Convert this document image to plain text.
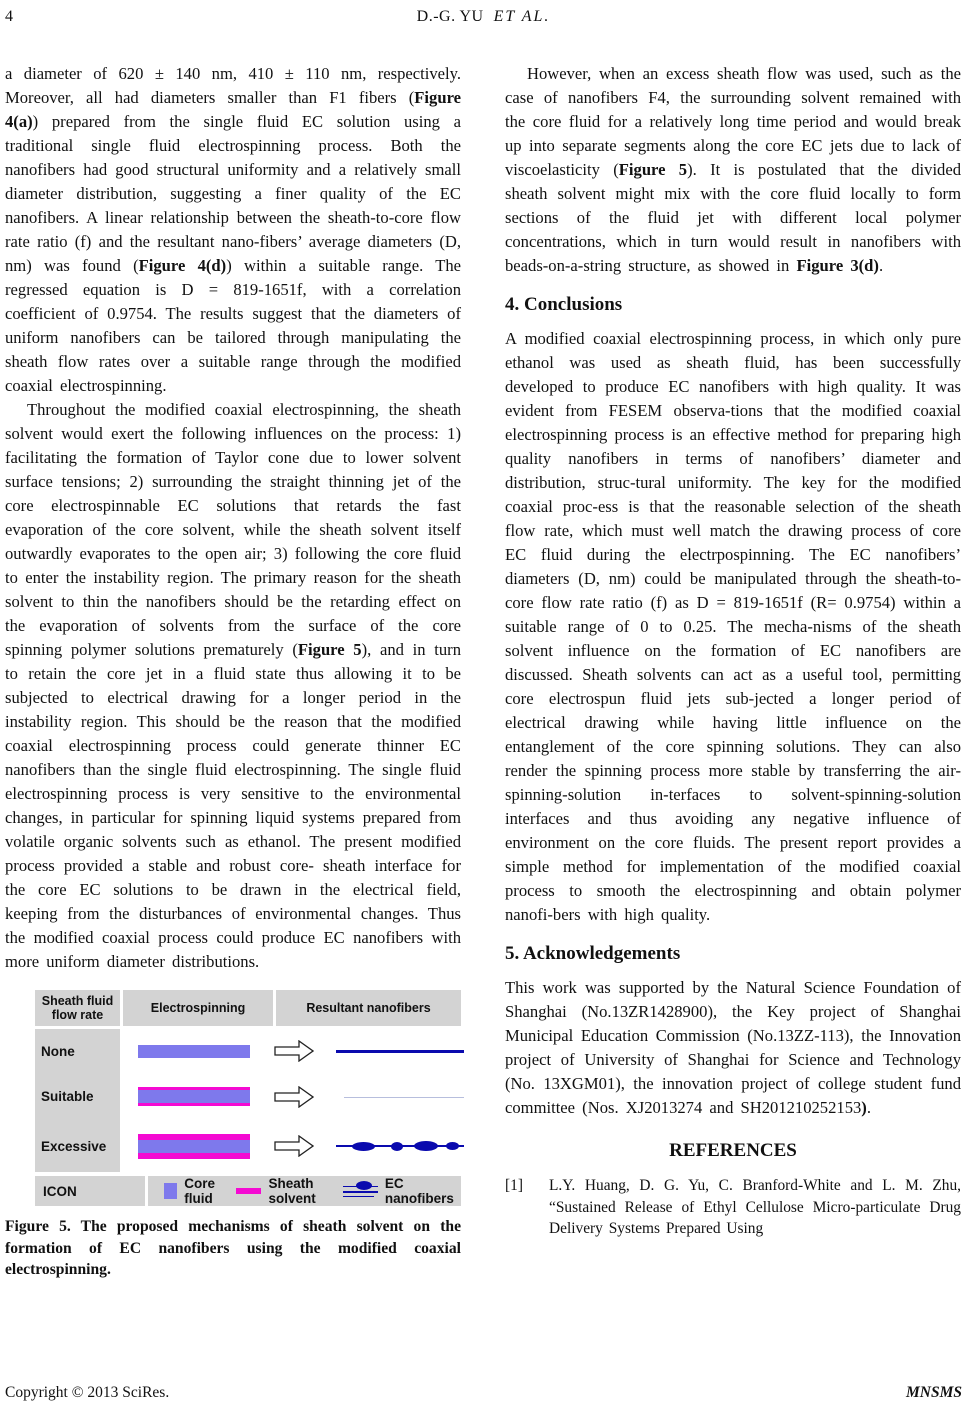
4	D.-G. YU ET AL.

a diameter of 620 ± 140 nm, 410 ± 110 nm, respectively. Moreover, all had diameters smaller than F1 fibers (Figure 4(a)) prepared from the single fluid EC solution using a traditional single fluid electrospinning process. Both the nanofibers had good structural uniformity and a relatively small diameter distribution, suggesting a finer quality of the EC nanofibers. A linear relationship between the sheath-to-core flow rate ratio (f) and the resultant nano-fibers’ average diameters (D, nm) was found (Figure 4(d)) within a suitable range. The regressed equation is D = 819-1651f, with a correlation coefficient of 0.9754. The results suggest that the diameters of uniform nanofibers can be tailored through manipulating the sheath flow rates over a suitable range through the modified coaxial electrospinning.

Throughout the modified coaxial electrospinning, the sheath solvent would exert the following influences on the process: 1) facilitating the formation of Taylor cone due to lower solvent surface tensions; 2) surrounding the straight thinning jet of the core electrospinnable EC solutions that retards the fast evaporation of the core solvent, while the sheath solvent itself outwardly evaporates to the open air; 3) following the core fluid to enter the instability region. The primary reason for the sheath solvent to thin the nanofibers should be the retarding effect on the evaporation of solvents from the surface of the core spinning polymer solutions prematurely (Figure 5), and in turn to retain the core jet in a fluid state thus allowing it to be subjected to electrical drawing for a longer period in the instability region. This should be the reason that the modified coaxial electrospinning process could generate thinner EC nanofibers than the single fluid electrospinning. The single fluid electrospinning process is very sensitive to the environmental changes, in particular for spinning liquid systems prepared from volatile organic solvents such as ethanol. The present modified process provided a stable and robust core- sheath interface for the core EC solutions to be drawn in the electrical field, keeping from the disturbances of environmental changes. Thus the modified coaxial process could produce EC nanofibers with more uniform diameter distributions.

Sheath fluid flow rate	Electrospinning	Resultant nanofibers
None
Suitable
Excessive
ICON	Core fluid
Sheath solvent
EC nanofibers

Figure 5. The proposed mechanisms of sheath solvent on the formation of EC nanofibers using the modified coaxial electrospinning.

However, when an excess sheath flow was used, such as the case of nanofibers F4, the surrounding solvent remained with the core fluid for a relatively long time period and would break up into separate segments along the core EC jets due to lack of viscoelasticity (Figure 5). It is postulated that the divided sheath solvent might mix with the core fluid locally to form sections of the fluid jet with different local polymer concentrations, which in turn would result in nanofibers with beads-on-a-string structure, as showed in Figure 3(d).

4. Conclusions

A modified coaxial electrospinning process, in which only pure ethanol was used as sheath fluid, has been successfully developed to produce EC nanofibers with high quality. It was evident from FESEM observa-tions that the modified coaxial electrospinning process is an effective method for preparing high quality nanofibers in terms of nanofibers’ diameter and distribution, struc-tural uniformity. The key for the modified coaxial proc-ess is that the reasonable selection of the sheath flow rate, which must well match the drawing process of core EC fluid during the electrpospinning. The EC nanofibers’ diameters (D, nm) could be manipulated through the sheath-to-core flow rate ratio (f) as D = 819-1651f (R= 0.9754) within a suitable range of 0 to 0.25. The mecha-nisms of the sheath solvent influence on the formation of EC nanofibers are discussed. Sheath solvents can act as a useful tool, permitting core electrospun fluid jets sub-jected a longer period of electrical drawing while having little influence on the entanglement of the core spinning solutions. They can also render the spinning process more stable by transferring the air-spinning-solution in-terfaces to solvent-spinning-solution interfaces and thus avoiding any negative influence of environment on the core fluids. The present report provides a simple method for implementation of the modified coaxial process to smooth the electrospinning and obtain polymer nanofi-bers with high quality.

5. Acknowledgements

This work was supported by the Natural Science Foundation of Shanghai (No.13ZR1428900), the Key project of Shanghai Municipal Education Commission (No.13ZZ-113), the Innovation project of University of Shanghai for Science and Technology (No. 13XGM01), the innovation project of college student fund committee (Nos. XJ2013274 and SH201210252153).

REFERENCES
[1]	L.Y. Huang, D. G. Yu, C. Branford-White and L. M. Zhu, “Sustained Release of Ethyl Cellulose Micro-particulate Drug Delivery Systems Prepared Using
Copyright © 2013 SciRes.	MNSMS
